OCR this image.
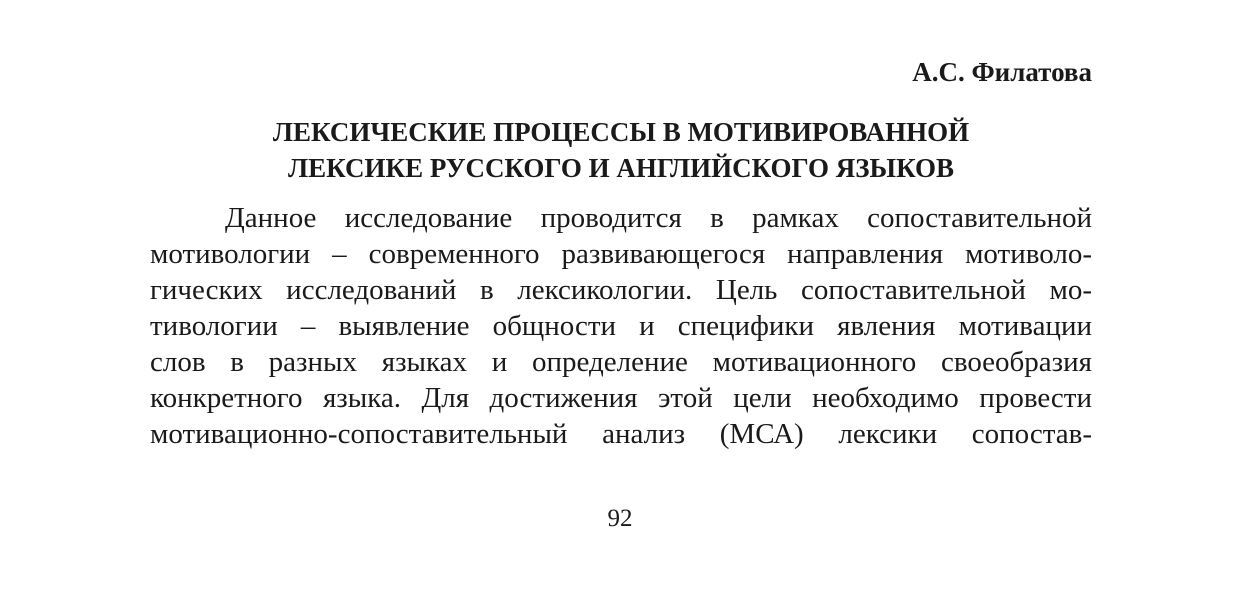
А.С. Филатова
ЛЕКСИЧЕСКИЕ ПРОЦЕССЫ В МОТИВИРОВАННОЙ
ЛЕКСИКЕ РУССКОГО И АНГЛИЙСКОГО ЯЗЫКОВ
Данное исследование проводится в рамках сопоставительной
мотивологии – современного развивающегося направления мотиволо-
гических исследований в лексикологии. Цель сопоставительной мо-
тивологии – выявление общности и специфики явления мотивации
слов в разных языках и определение мотивационного своеобразия
конкретного языка. Для достижения этой цели необходимо провести
мотивационно-сопоставительный анализ (МСА) лексики сопостав-
92
